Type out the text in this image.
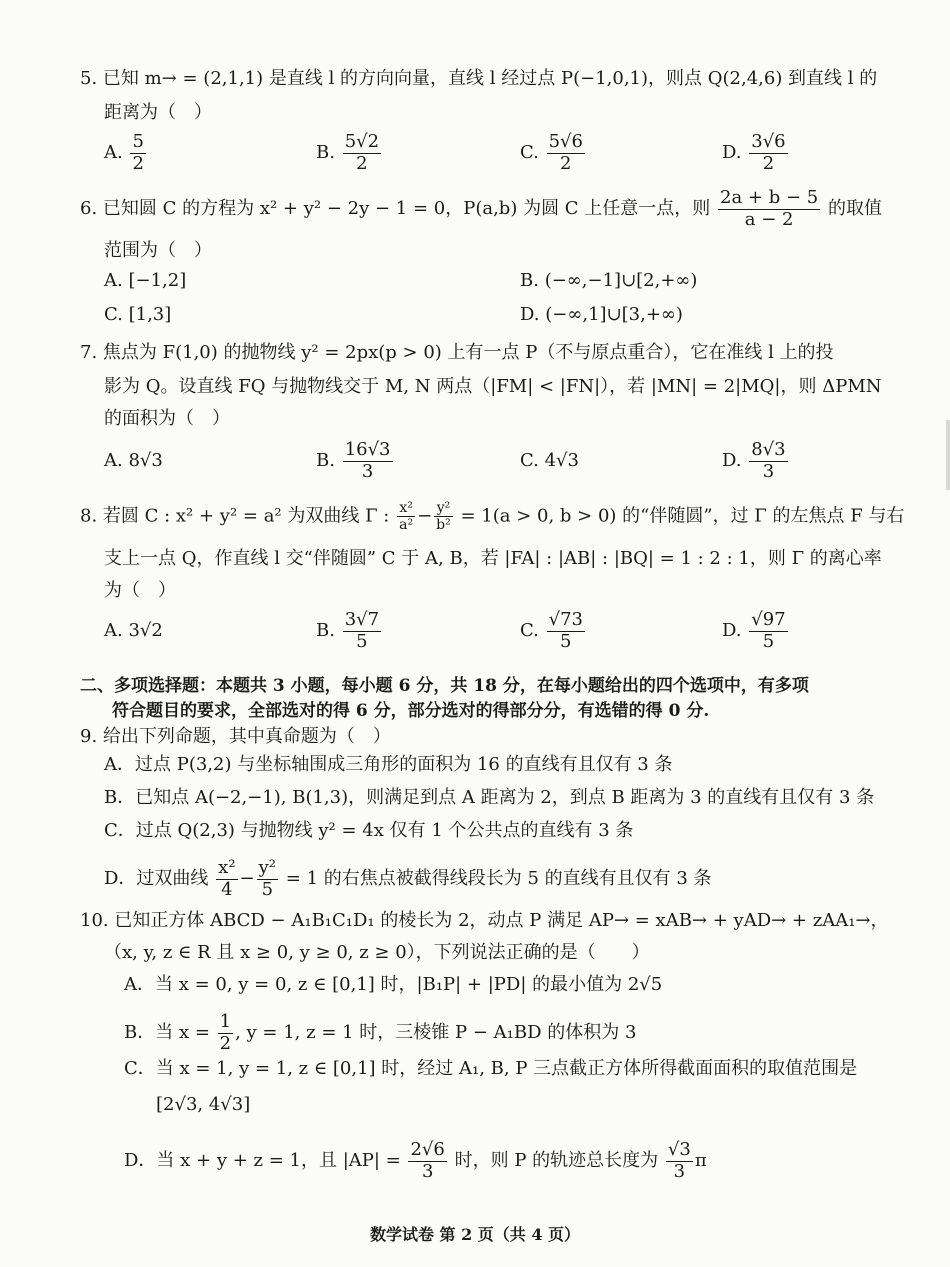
5. 已知 m→ = (2,1,1) 是直线 l 的方向向量，直线 l 经过点 P(−1,0,1)，则点 Q(2,4,6) 到直线 l 的
距离为（　）
A. $\frac{5}{2}$	B. $\frac{5√2}{2}$	C. $\frac{5√6}{2}$	D. $\frac{3√6}{2}$
6. 已知圆 C 的方程为 x² + y² − 2y − 1 = 0，P(a,b) 为圆 C 上任意一点，则 $\frac{2a + b - 5}{a - 2}$ 的取值
范围为（　）
A. [−1,2]	B. (−∞,−1]∪[2,+∞)
C. [1,3]	D. (−∞,1]∪[3,+∞)
7. 焦点为 F(1,0) 的抛物线 y² = 2px(p > 0) 上有一点 P（不与原点重合），它在准线 l 上的投
影为 Q。设直线 FQ 与抛物线交于 M, N 两点（|FM| < |FN|），若 |MN| = 2|MQ|，则 ΔPMN
的面积为（　）
A. 8√3	B. $\frac{16√3}{3}$	C. 4√3	D. $\frac{8√3}{3}$
8. 若圆 C : x² + y² = a² 为双曲线 Γ : $\frac{\text{x²}}{\text{a²}} - \frac{\text{y²}}{\text{b²}} = 1(a > 0$, b > 0) 的“伴随圆”，过 Γ 的左焦点 F 与右
支上一点 Q，作直线 l 交“伴随圆” C 于 A, B，若 |FA| : |AB| : |BQ| = 1 : 2 : 1，则 Γ 的离心率
为（　）
A. 3√2	B. $\frac{3√7}{5}$	C. $\frac{√73}{5}$	D. $\frac{√97}{5}$
二、多项选择题：本题共 3 小题，每小题 6 分，共 18 分，在每小题给出的四个选项中，有多项
符合题目的要求，全部选对的得 6 分，部分选对的得部分分，有选错的得 0 分.
9. 给出下列命题，其中真命题为（　）
A．过点 P(3,2) 与坐标轴围成三角形的面积为 16 的直线有且仅有 3 条
B．已知点 A(−2,−1), B(1,3)，则满足到点 A 距离为 2，到点 B 距离为 3 的直线有且仅有 3 条
C．过点 Q(2,3) 与抛物线 y² = 4x 仅有 1 个公共点的直线有 3 条
D．过双曲线 $\frac{\text{x²}}{4} - \frac{\text{y²}}{5} = 1$ 的右焦点被截得线段长为 5 的直线有且仅有 3 条
10. 已知正方体 ABCD − A₁B₁C₁D₁ 的棱长为 2，动点 P 满足 AP→ = xAB→ + yAD→ + zAA₁→，
（x, y, z ∈ R 且 x ≥ 0, y ≥ 0, z ≥ 0），下列说法正确的是（　　）
A．当 x = 0, y = 0, z ∈ [0,1] 时，|B₁P| + |PD| 的最小值为 2√5
B．当 $x = \frac{1}{2}$ , y = 1, z = 1 时，三棱锥 P − A₁BD 的体积为 3
C．当 x = 1, y = 1, z ∈ [0,1] 时，经过 A₁, B, P 三点截正方体所得截面面积的取值范围是
[2√3, 4√3]
D．当 x + y + z = 1，且 $|AP| = \frac{2√6}{3}$ 时，则 P 的轨迹总长度为 $\frac{√3}{3}$ π
数学试卷 第 2 页（共 4 页）
